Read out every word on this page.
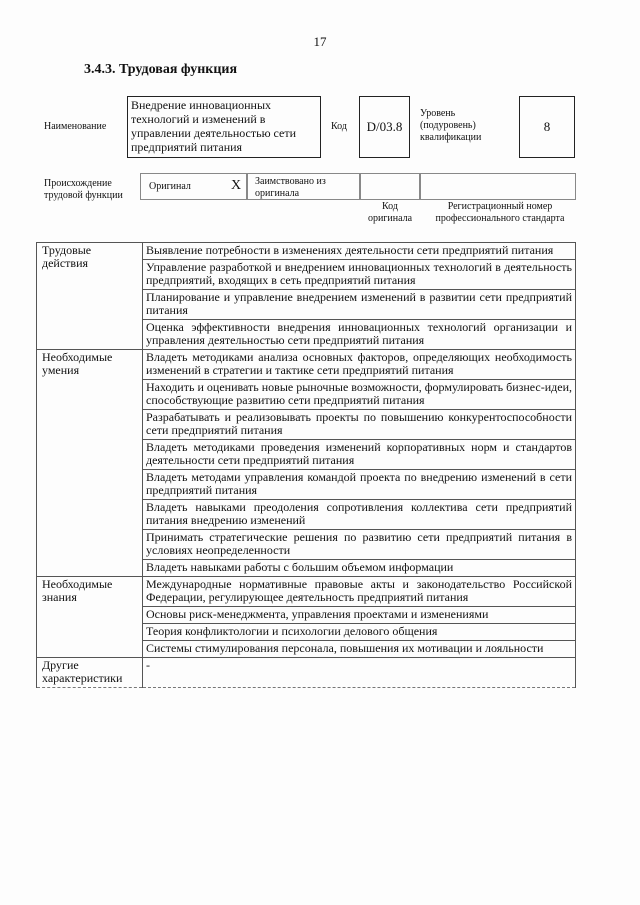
17
3.4.3. Трудовая функция
Наименование
Внедрение инновационных технологий и изменений в управлении деятельностью сети предприятий питания
Код	D/03.8
Уровень (подуровень) квалификации
8
Происхождение трудовой функции
Оригинал	X Заимствовано из оригинала
Код оригинала
Регистрационный номер профессионального стандарта
Трудовые действия	Выявление потребности в изменениях деятельности сети предприятий питания
	Управление разработкой и внедрением инновационных технологий в деятельность предприятий, входящих в сеть предприятий питания
	Планирование и управление внедрением изменений в развитии сети предприятий питания
	Оценка эффективности внедрения инновационных технологий организации и управления деятельностью сети предприятий питания
Необходимые умения	Владеть методиками анализа основных факторов, определяющих необходимость изменений в стратегии и тактике сети предприятий питания
	Находить и оценивать новые рыночные возможности, формулировать бизнес-идеи, способствующие развитию сети предприятий питания
	Разрабатывать и реализовывать проекты по повышению конкурентоспособности сети предприятий питания
	Владеть методиками проведения изменений корпоративных норм и стандартов деятельности сети предприятий питания
	Владеть методами управления командой проекта по внедрению изменений в сети предприятий питания
	Владеть навыками преодоления сопротивления коллектива сети предприятий питания внедрению изменений
	Принимать стратегические решения по развитию сети предприятий питания в условиях неопределенности
	Владеть навыками работы с большим объемом информации
Необходимые знания	Международные нормативные правовые акты и законодательство Российской Федерации, регулирующее деятельность предприятий питания
	Основы риск-менеджмента, управления проектами и изменениями
	Теория конфликтологии и психологии делового общения
	Системы стимулирования персонала, повышения их мотивации и лояльности
Другие характеристики	-
